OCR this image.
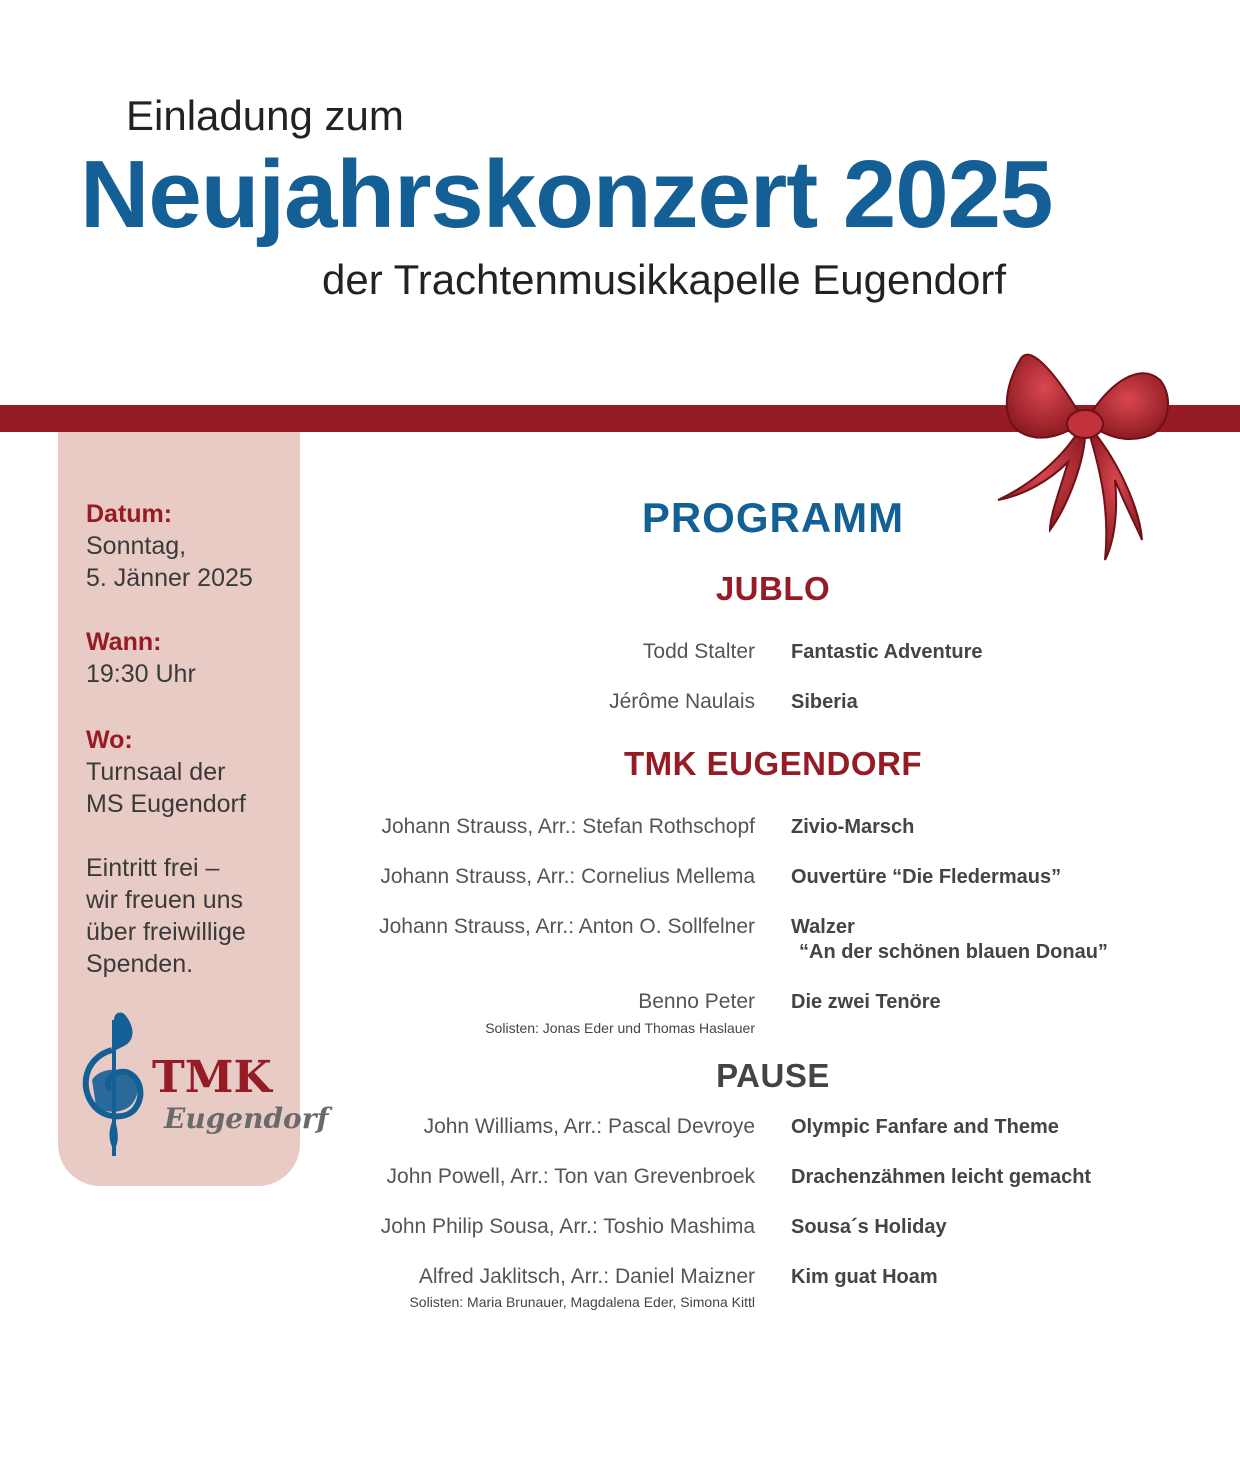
Einladung zum
Neujahrskonzert 2025
der Trachtenmusikkapelle Eugendorf
Datum:
Sonntag,
5. Jänner 2025
Wann:
19:30 Uhr
Wo:
Turnsaal der
MS Eugendorf
Eintritt frei –
wir freuen uns
über freiwillige
Spenden.
TMK
Eugendorf
PROGRAMM
JUBLO
Todd Stalter Fantastic Adventure
Jérôme Naulais Siberia
TMK EUGENDORF
Johann Strauss, Arr.: Stefan Rothschopf Zivio-Marsch
Johann Strauss, Arr.: Cornelius Mellema Ouvertüre “Die Fledermaus”
Johann Strauss, Arr.: Anton O. Sollfelner Walzer
“An der schönen blauen Donau”
Benno Peter
Solisten: Jonas Eder und Thomas Haslauer
Die zwei Tenöre
PAUSE
John Williams, Arr.: Pascal Devroye Olympic Fanfare and Theme
John Powell, Arr.: Ton van Grevenbroek Drachenzähmen leicht gemacht
John Philip Sousa, Arr.: Toshio Mashima Sousa´s Holiday
Alfred Jaklitsch, Arr.: Daniel Maizner
Solisten: Maria Brunauer, Magdalena Eder, Simona Kittl
Kim guat Hoam
